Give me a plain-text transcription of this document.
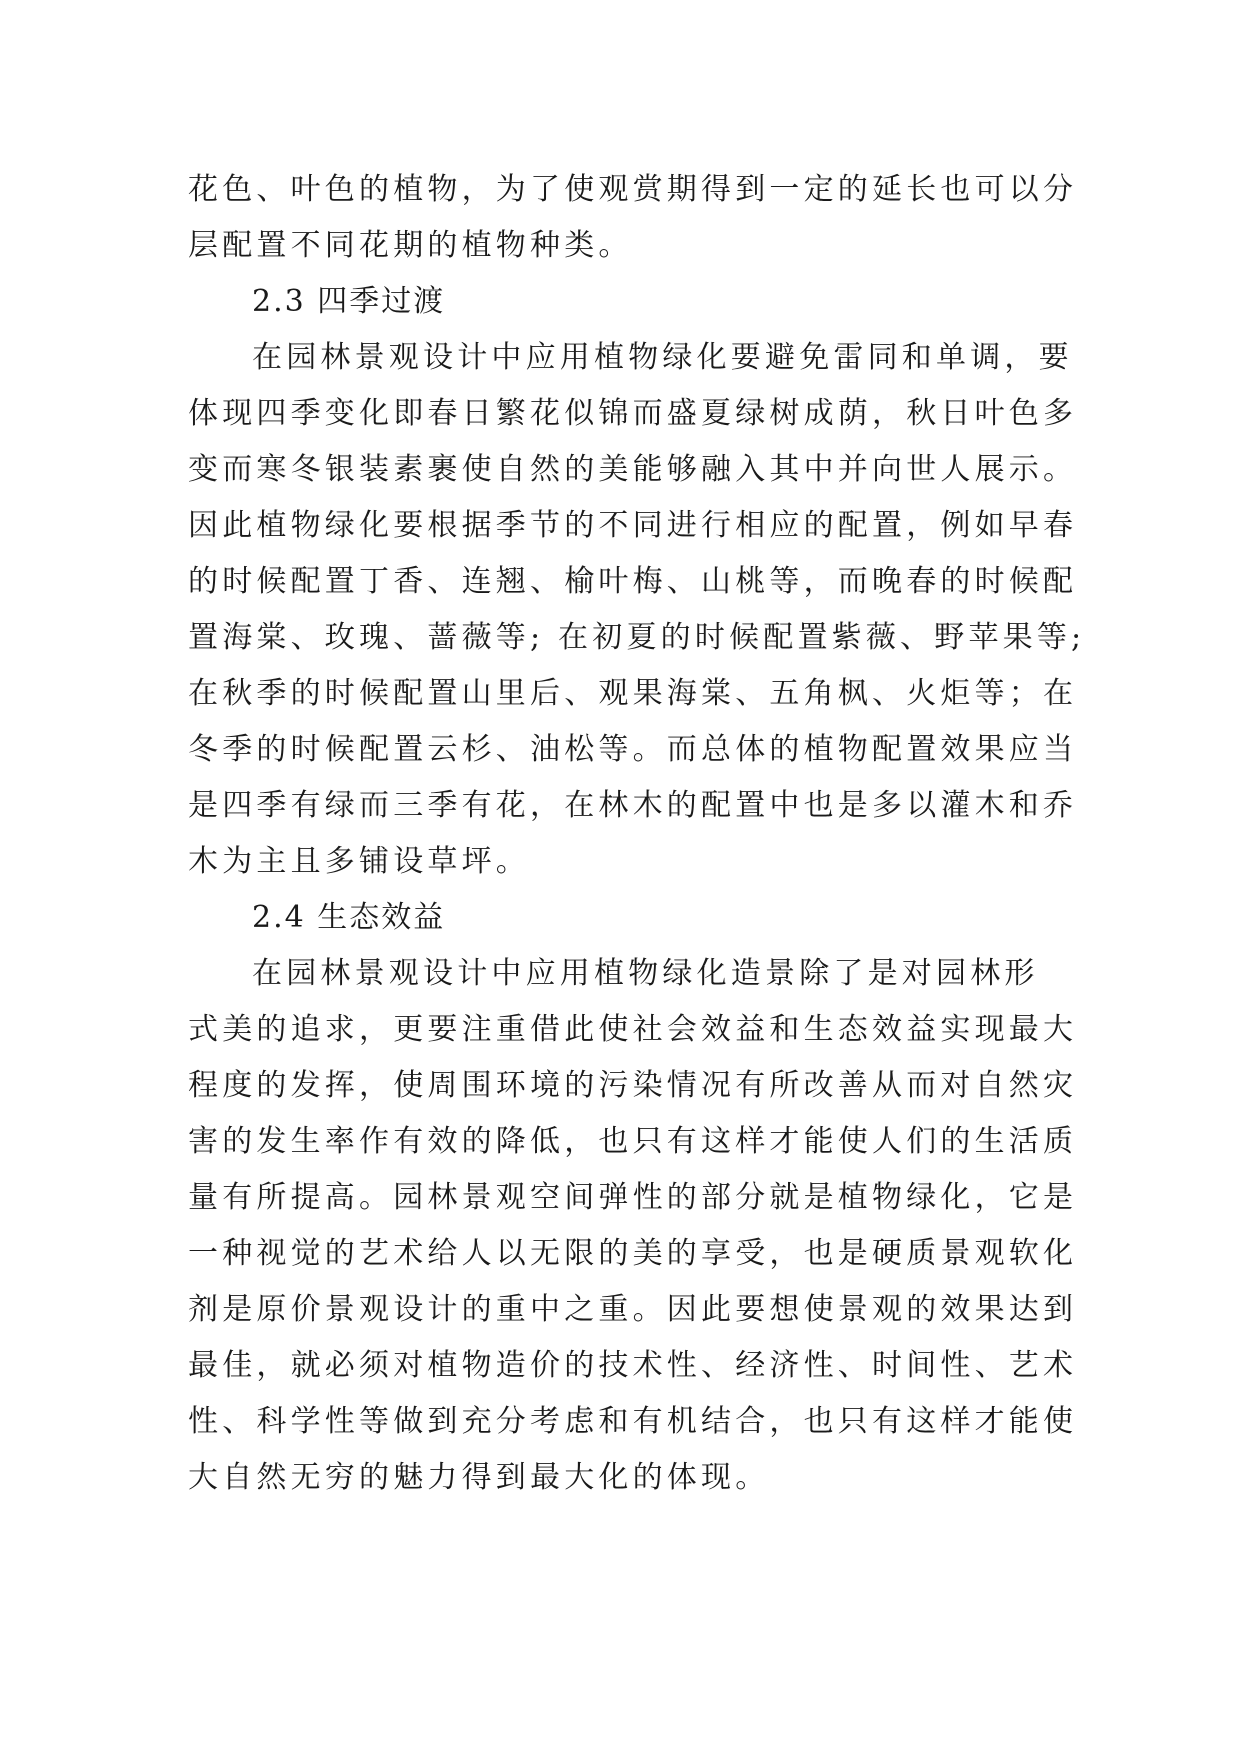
花色、叶色的植物，为了使观赏期得到一定的延长也可以分
层配置不同花期的植物种类。
2.3 四季过渡
在园林景观设计中应用植物绿化要避免雷同和单调，要
体现四季变化即春日繁花似锦而盛夏绿树成荫，秋日叶色多
变而寒冬银装素裹使自然的美能够融入其中并向世人展示。
因此植物绿化要根据季节的不同进行相应的配置，例如早春
的时候配置丁香、连翘、榆叶梅、山桃等，而晚春的时候配
置海棠、玫瑰、蔷薇等; 在初夏的时候配置紫薇、野苹果等;
在秋季的时候配置山里后、观果海棠、五角枫、火炬等；在
冬季的时候配置云杉、油松等。而总体的植物配置效果应当
是四季有绿而三季有花，在林木的配置中也是多以灌木和乔
木为主且多铺设草坪。
2.4 生态效益
在园林景观设计中应用植物绿化造景除了是对园林形
式美的追求，更要注重借此使社会效益和生态效益实现最大
程度的发挥，使周围环境的污染情况有所改善从而对自然灾
害的发生率作有效的降低，也只有这样才能使人们的生活质
量有所提高。园林景观空间弹性的部分就是植物绿化，它是
一种视觉的艺术给人以无限的美的享受，也是硬质景观软化
剂是原价景观设计的重中之重。因此要想使景观的效果达到
最佳，就必须对植物造价的技术性、经济性、时间性、艺术
性、科学性等做到充分考虑和有机结合，也只有这样才能使
大自然无穷的魅力得到最大化的体现。
